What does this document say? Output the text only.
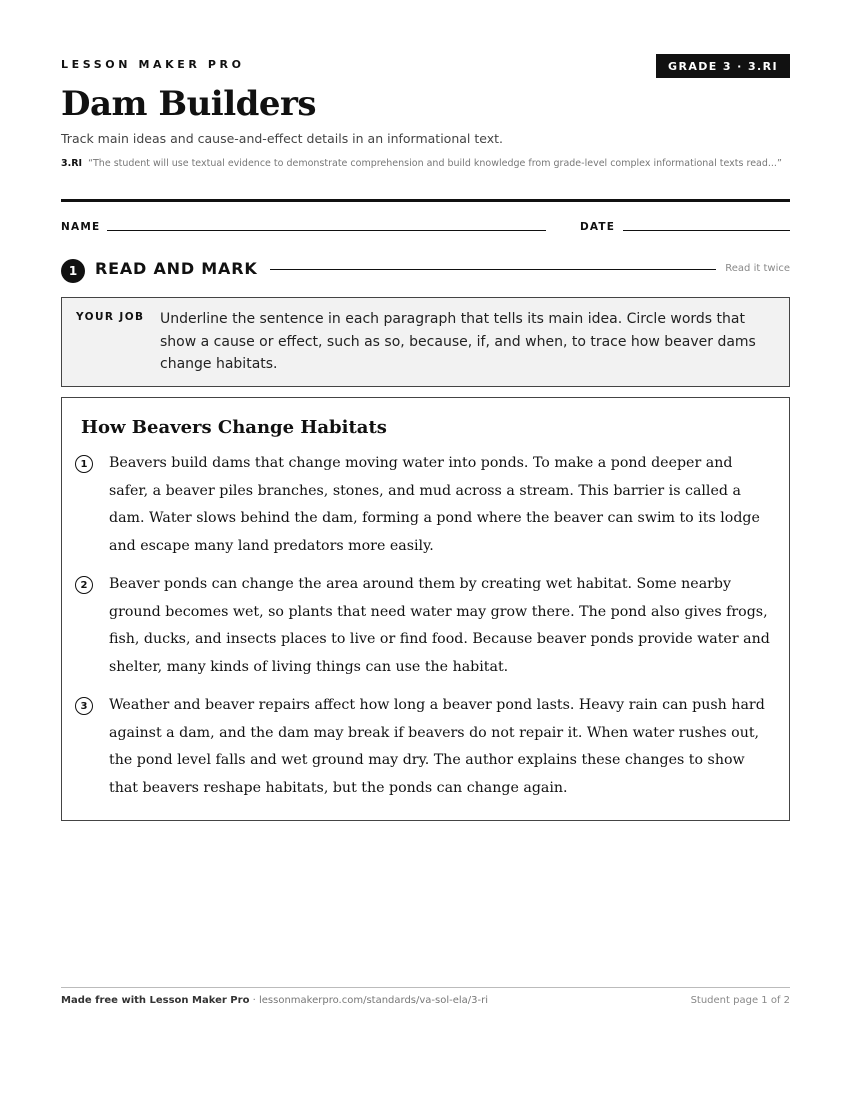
LESSON MAKER PRO	GRADE 3 · 3.RI
Dam Builders
Track main ideas and cause-and-effect details in an informational text.
3.RI “The student will use textual evidence to demonstrate comprehension and build knowledge from grade-level complex informational texts read...”
NAME	DATE
1	READ AND MARK	Read it twice
YOUR JOB Underline the sentence in each paragraph that tells its main idea. Circle words that show a cause or effect, such as so, because, if, and when, to trace how beaver dams change habitats.
How Beavers Change Habitats
1	Beavers build dams that change moving water into ponds. To make a pond deeper and safer, a beaver piles branches, stones, and mud across a stream. This barrier is called a dam. Water slows behind the dam, forming a pond where the beaver can swim to its lodge and escape many land predators more easily.

2	Beaver ponds can change the area around them by creating wet habitat. Some nearby ground becomes wet, so plants that need water may grow there. The pond also gives frogs, fish, ducks, and insects places to live or find food. Because beaver ponds provide water and shelter, many kinds of living things can use the habitat.

3	Weather and beaver repairs affect how long a beaver pond lasts. Heavy rain can push hard against a dam, and the dam may break if beavers do not repair it. When water rushes out, the pond level falls and wet ground may dry. The author explains these changes to show that beavers reshape habitats, but the ponds can change again.

Made free with Lesson Maker Pro · lessonmakerpro.com/standards/va-sol-ela/3-ri	Student page 1 of 2
